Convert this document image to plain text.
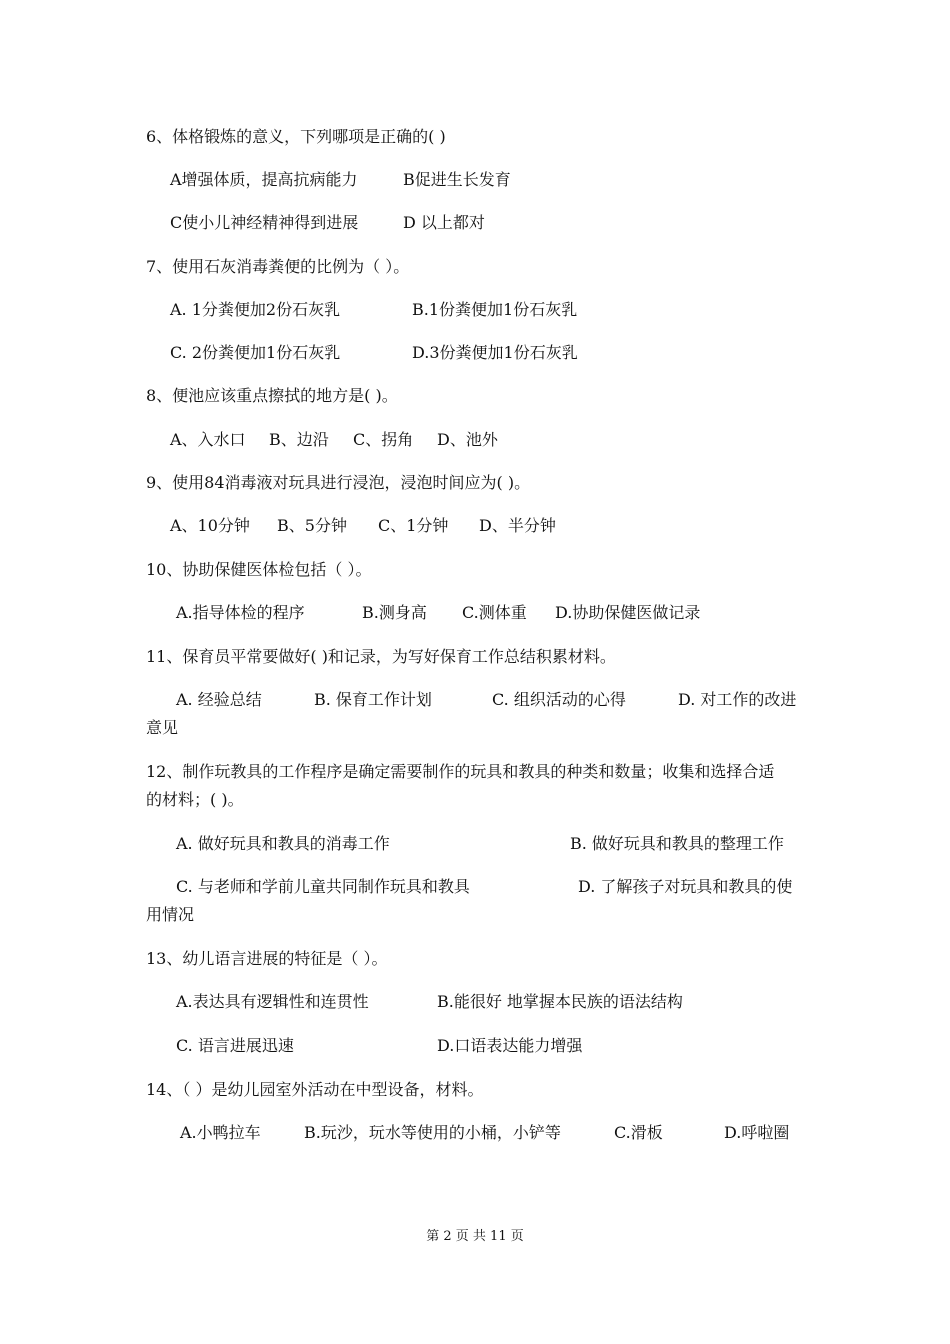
6、体格锻炼的意义，下列哪项是正确的( )
A增强体质，提高抗病能力	B促进生长发育
C使小儿神经精神得到进展	D 以上都对
7、使用石灰消毒粪便的比例为（ ）。
A. 1分粪便加2份石灰乳	B.1份粪便加1份石灰乳
C. 2份粪便加1份石灰乳	D.3份粪便加1份石灰乳
8、便池应该重点擦拭的地方是( )。
A、入水口 B、边沿 C、拐角 D、池外
9、使用84消毒液对玩具进行浸泡，浸泡时间应为( )。
A、10分钟 B、5分钟 C、1分钟 D、半分钟
10、协助保健医体检包括（ ）。
A.指导体检的程序	B.测身高 C.测体重 D.协助保健医做记录
11、保育员平常要做好( )和记录，为写好保育工作总结积累材料。
A. 经验总结	B. 保育工作计划	C. 组织活动的心得	D. 对工作的改进
意见
12、制作玩教具的工作程序是确定需要制作的玩具和教具的种类和数量；收集和选择合适
的材料；( )。
A. 做好玩具和教具的消毒工作	B. 做好玩具和教具的整理工作
C. 与老师和学前儿童共同制作玩具和教具	D. 了解孩子对玩具和教具的使
用情况
13、幼儿语言进展的特征是（ ）。
A.表达具有逻辑性和连贯性	B.能很好 地掌握本民族的语法结构
C. 语言进展迅速	D.口语表达能力增强
14、（ ）是幼儿园室外活动在中型设备，材料。
A.小鸭拉车	B.玩沙，玩水等使用的小桶，小铲等	C.滑板	D.呼啦圈
第 2 页 共 11 页
